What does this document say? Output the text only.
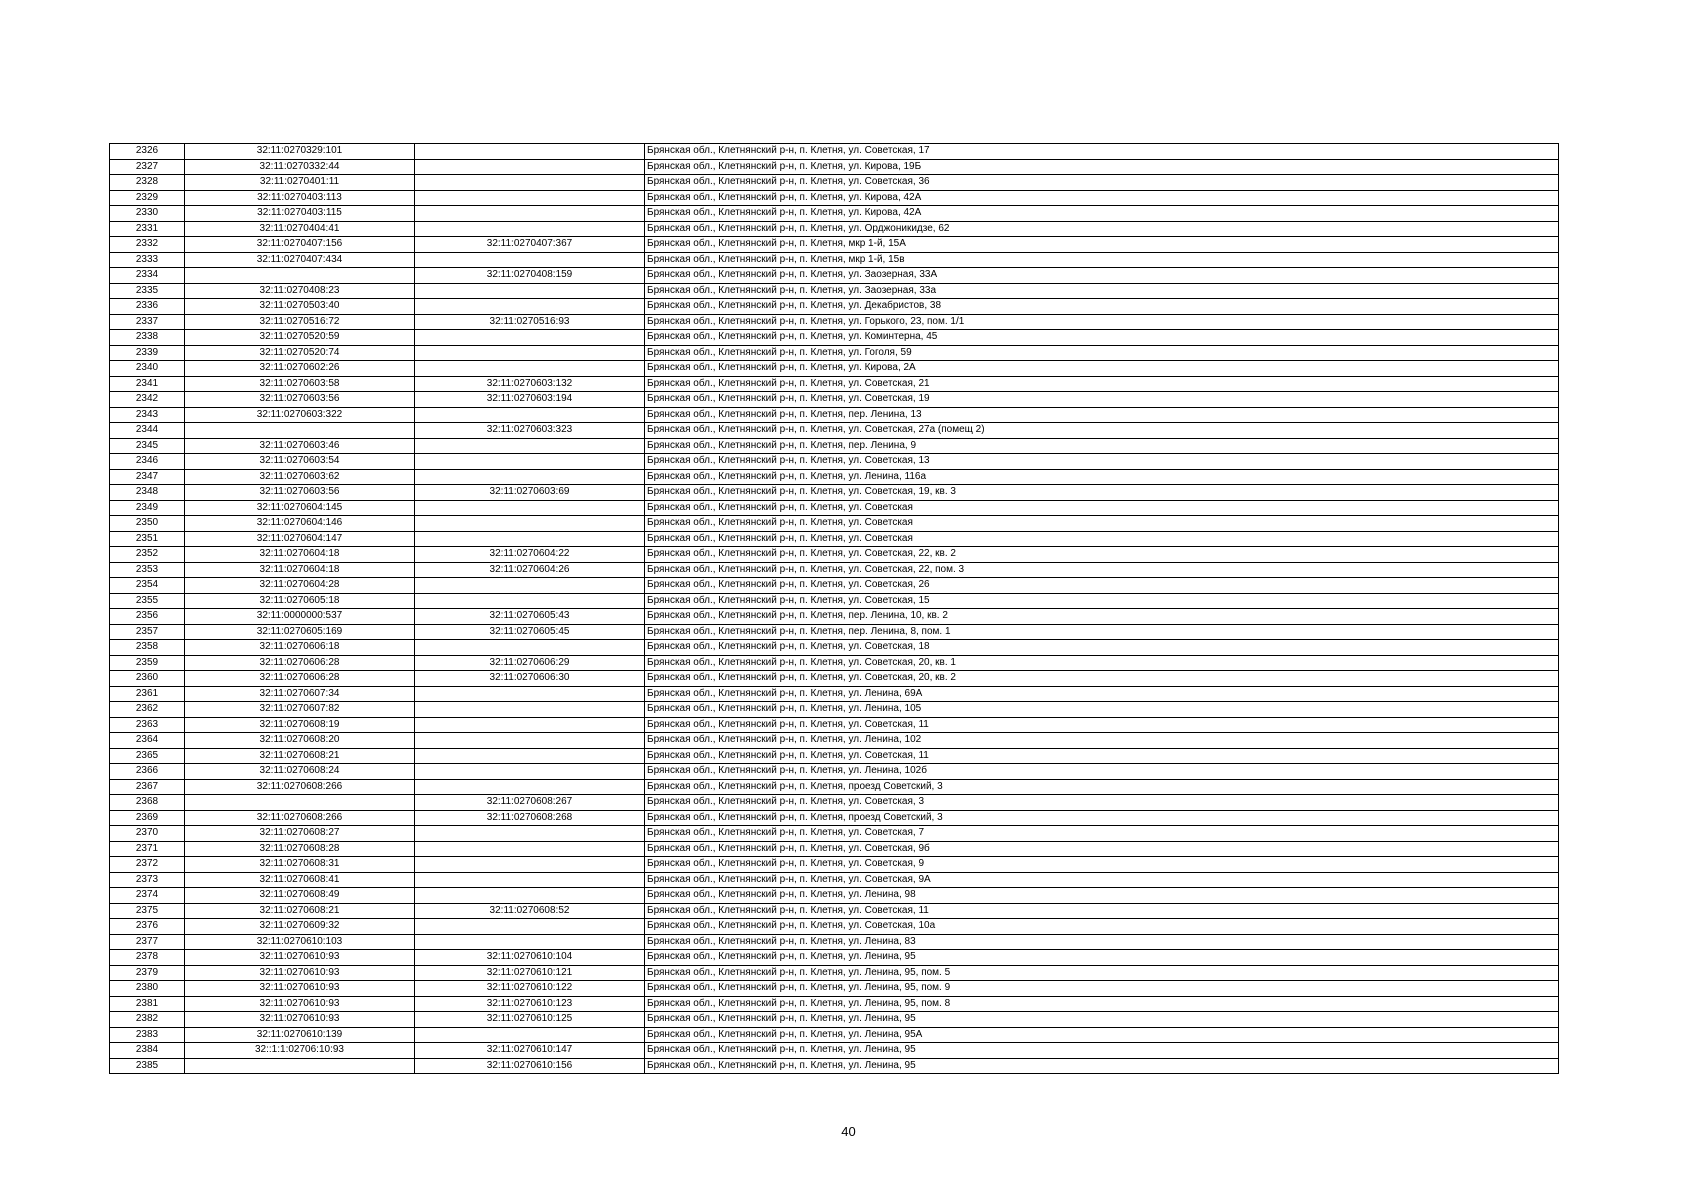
2326	32:11:0270329:101		Брянская обл., Клетнянский р-н, п. Клетня, ул. Советская, 17
2327	32:11:0270332:44		Брянская обл., Клетнянский р-н, п. Клетня, ул. Кирова, 19Б
2328	32:11:0270401:11		Брянская обл., Клетнянский р-н, п. Клетня, ул. Советская, 36
2329	32:11:0270403:113		Брянская обл., Клетнянский р-н, п. Клетня, ул. Кирова, 42А
2330	32:11:0270403:115		Брянская обл., Клетнянский р-н, п. Клетня, ул. Кирова, 42А
2331	32:11:0270404:41		Брянская обл., Клетнянский р-н, п. Клетня, ул. Орджоникидзе, 62
2332	32:11:0270407:156	32:11:0270407:367	Брянская обл., Клетнянский р-н, п. Клетня, мкр 1-й, 15А
2333	32:11:0270407:434		Брянская обл., Клетнянский р-н, п. Клетня, мкр 1-й, 15в
2334		32:11:0270408:159	Брянская обл., Клетнянский р-н, п. Клетня, ул. Заозерная, 33А
2335	32:11:0270408:23		Брянская обл., Клетнянский р-н, п. Клетня, ул. Заозерная, 33а
2336	32:11:0270503:40		Брянская обл., Клетнянский р-н, п. Клетня, ул. Декабристов, 38
2337	32:11:0270516:72	32:11:0270516:93	Брянская обл., Клетнянский р-н, п. Клетня, ул. Горького, 23, пом. 1/1
2338	32:11:0270520:59		Брянская обл., Клетнянский р-н, п. Клетня, ул. Коминтерна, 45
2339	32:11:0270520:74		Брянская обл., Клетнянский р-н, п. Клетня, ул. Гоголя, 59
2340	32:11:0270602:26		Брянская обл., Клетнянский р-н, п. Клетня, ул. Кирова, 2А
2341	32:11:0270603:58	32:11:0270603:132	Брянская обл., Клетнянский р-н, п. Клетня, ул. Советская, 21
2342	32:11:0270603:56	32:11:0270603:194	Брянская обл., Клетнянский р-н, п. Клетня, ул. Советская, 19
2343	32:11:0270603:322		Брянская обл., Клетнянский р-н, п. Клетня, пер. Ленина, 13
2344		32:11:0270603:323	Брянская обл., Клетнянский р-н, п. Клетня, ул. Советская, 27а (помещ 2)
2345	32:11:0270603:46		Брянская обл., Клетнянский р-н, п. Клетня, пер. Ленина, 9
2346	32:11:0270603:54		Брянская обл., Клетнянский р-н, п. Клетня, ул. Советская, 13
2347	32:11:0270603:62		Брянская обл., Клетнянский р-н, п. Клетня, ул. Ленина, 116а
2348	32:11:0270603:56	32:11:0270603:69	Брянская обл., Клетнянский р-н, п. Клетня, ул. Советская, 19, кв. 3
2349	32:11:0270604:145		Брянская обл., Клетнянский р-н, п. Клетня, ул. Советская
2350	32:11:0270604:146		Брянская обл., Клетнянский р-н, п. Клетня, ул. Советская
2351	32:11:0270604:147		Брянская обл., Клетнянский р-н, п. Клетня, ул. Советская
2352	32:11:0270604:18	32:11:0270604:22	Брянская обл., Клетнянский р-н, п. Клетня, ул. Советская, 22, кв. 2
2353	32:11:0270604:18	32:11:0270604:26	Брянская обл., Клетнянский р-н, п. Клетня, ул. Советская, 22, пом. 3
2354	32:11:0270604:28		Брянская обл., Клетнянский р-н, п. Клетня, ул. Советская, 26
2355	32:11:0270605:18		Брянская обл., Клетнянский р-н, п. Клетня, ул. Советская, 15
2356	32:11:0000000:537	32:11:0270605:43	Брянская обл., Клетнянский р-н, п. Клетня, пер. Ленина, 10, кв. 2
2357	32:11:0270605:169	32:11:0270605:45	Брянская обл., Клетнянский р-н, п. Клетня, пер. Ленина, 8, пом. 1
2358	32:11:0270606:18		Брянская обл., Клетнянский р-н, п. Клетня, ул. Советская, 18
2359	32:11:0270606:28	32:11:0270606:29	Брянская обл., Клетнянский р-н, п. Клетня, ул. Советская, 20, кв. 1
2360	32:11:0270606:28	32:11:0270606:30	Брянская обл., Клетнянский р-н, п. Клетня, ул. Советская, 20, кв. 2
2361	32:11:0270607:34		Брянская обл., Клетнянский р-н, п. Клетня, ул. Ленина, 69А
2362	32:11:0270607:82		Брянская обл., Клетнянский р-н, п. Клетня, ул. Ленина, 105
2363	32:11:0270608:19		Брянская обл., Клетнянский р-н, п. Клетня, ул. Советская, 11
2364	32:11:0270608:20		Брянская обл., Клетнянский р-н, п. Клетня, ул. Ленина, 102
2365	32:11:0270608:21		Брянская обл., Клетнянский р-н, п. Клетня, ул. Советская, 11
2366	32:11:0270608:24		Брянская обл., Клетнянский р-н, п. Клетня, ул. Ленина, 102б
2367	32:11:0270608:266		Брянская обл., Клетнянский р-н, п. Клетня, проезд Советский, 3
2368		32:11:0270608:267	Брянская обл., Клетнянский р-н, п. Клетня, ул. Советская, 3
2369	32:11:0270608:266	32:11:0270608:268	Брянская обл., Клетнянский р-н, п. Клетня, проезд Советский, 3
2370	32:11:0270608:27		Брянская обл., Клетнянский р-н, п. Клетня, ул. Советская, 7
2371	32:11:0270608:28		Брянская обл., Клетнянский р-н, п. Клетня, ул. Советская, 9б
2372	32:11:0270608:31		Брянская обл., Клетнянский р-н, п. Клетня, ул. Советская, 9
2373	32:11:0270608:41		Брянская обл., Клетнянский р-н, п. Клетня, ул. Советская, 9А
2374	32:11:0270608:49		Брянская обл., Клетнянский р-н, п. Клетня, ул. Ленина, 98
2375	32:11:0270608:21	32:11:0270608:52	Брянская обл., Клетнянский р-н, п. Клетня, ул. Советская, 11
2376	32:11:0270609:32		Брянская обл., Клетнянский р-н, п. Клетня, ул. Советская, 10а
2377	32:11:0270610:103		Брянская обл., Клетнянский р-н, п. Клетня, ул. Ленина, 83
2378	32:11:0270610:93	32:11:0270610:104	Брянская обл., Клетнянский р-н, п. Клетня, ул. Ленина, 95
2379	32:11:0270610:93	32:11:0270610:121	Брянская обл., Клетнянский р-н, п. Клетня, ул. Ленина, 95, пом. 5
2380	32:11:0270610:93	32:11:0270610:122	Брянская обл., Клетнянский р-н, п. Клетня, ул. Ленина, 95, пом. 9
2381	32:11:0270610:93	32:11:0270610:123	Брянская обл., Клетнянский р-н, п. Клетня, ул. Ленина, 95, пом. 8
2382	32:11:0270610:93	32:11:0270610:125	Брянская обл., Клетнянский р-н, п. Клетня, ул. Ленина, 95
2383	32:11:0270610:139		Брянская обл., Клетнянский р-н, п. Клетня, ул. Ленина, 95А
2384	32::1:1:02706:10:93	32:11:0270610:147	Брянская обл., Клетнянский р-н, п. Клетня, ул. Ленина, 95
2385		32:11:0270610:156	Брянская обл., Клетнянский р-н, п. Клетня, ул. Ленина, 95
40
